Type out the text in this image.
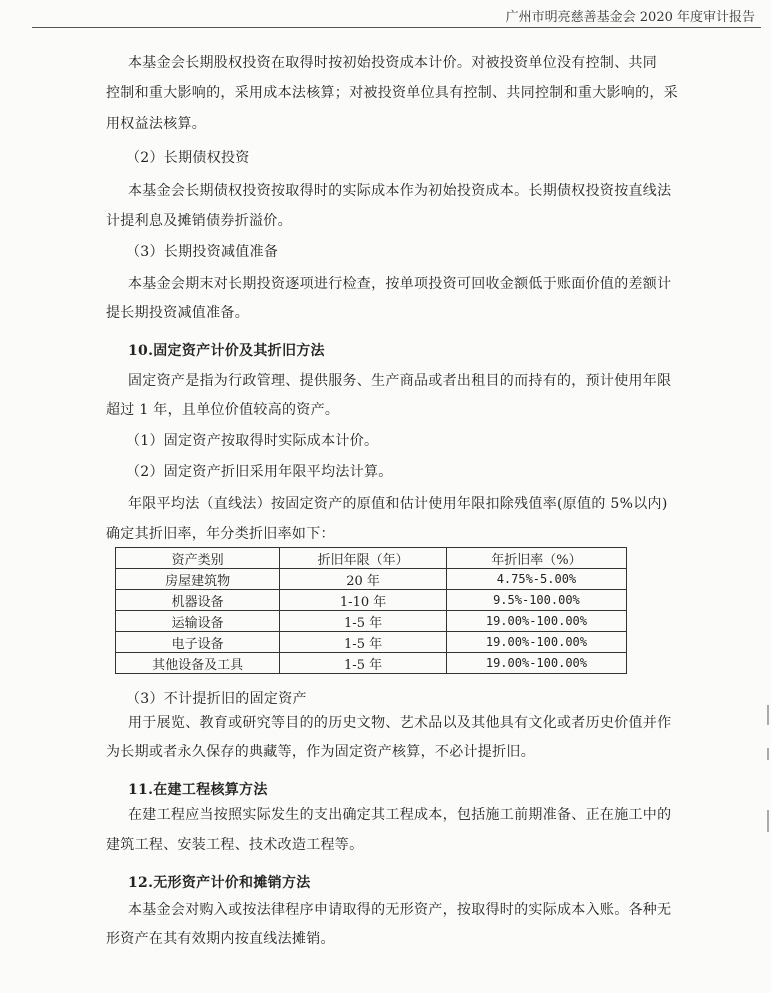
广州市明亮慈善基金会 2020 年度审计报告
本基金会长期股权投资在取得时按初始投资成本计价。对被投资单位没有控制、共同
控制和重大影响的，采用成本法核算；对被投资单位具有控制、共同控制和重大影响的，采
用权益法核算。
（2）长期债权投资
本基金会长期债权投资按取得时的实际成本作为初始投资成本。长期债权投资按直线法
计提利息及摊销债券折溢价。
（3）长期投资减值准备
本基金会期末对长期投资逐项进行检查，按单项投资可回收金额低于账面价值的差额计
提长期投资减值准备。
10.固定资产计价及其折旧方法
固定资产是指为行政管理、提供服务、生产商品或者出租目的而持有的，预计使用年限
超过 1 年，且单位价值较高的资产。
（1）固定资产按取得时实际成本计价。
（2）固定资产折旧采用年限平均法计算。
年限平均法（直线法）按固定资产的原值和估计使用年限扣除残值率(原值的 5%以内)
确定其折旧率，年分类折旧率如下：
资产类别	折旧年限（年）	年折旧率（%）
房屋建筑物	20 年	4.75%-5.00%
机器设备	1-10 年	9.5%-100.00%
运输设备	1-5 年	19.00%-100.00%
电子设备	1-5 年	19.00%-100.00%
其他设备及工具	1-5 年	19.00%-100.00%
（3）不计提折旧的固定资产
用于展览、教育或研究等目的的历史文物、艺术品以及其他具有文化或者历史价值并作
为长期或者永久保存的典藏等，作为固定资产核算，不必计提折旧。
11.在建工程核算方法
在建工程应当按照实际发生的支出确定其工程成本，包括施工前期准备、正在施工中的
建筑工程、安装工程、技术改造工程等。
12.无形资产计价和摊销方法
本基金会对购入或按法律程序申请取得的无形资产，按取得时的实际成本入账。各种无
形资产在其有效期内按直线法摊销。
